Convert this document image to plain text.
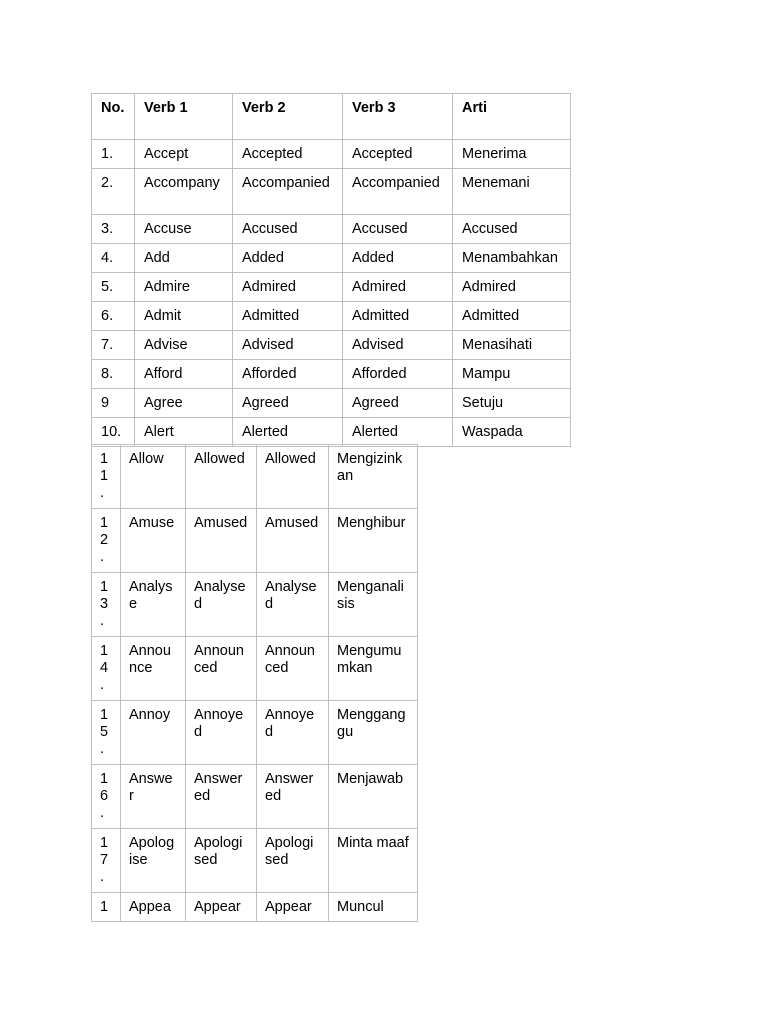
No.	Verb 1	Verb 2	Verb 3	Arti
1.	Accept	Accepted	Accepted	Menerima
2.	Accompany	Accompanied	Accompanied	Menemani
3.	Accuse	Accused	Accused	Accused
4.	Add	Added	Added	Menambahkan
5.	Admire	Admired	Admired	Admired
6.	Admit	Admitted	Admitted	Admitted
7.	Advise	Advised	Advised	Menasihati
8.	Afford	Afforded	Afforded	Mampu
9	Agree	Agreed	Agreed	Setuju
10.	Alert	Alerted	Alerted	Waspada
11.	Allow	Allowed	Allowed	Mengizinkan
12.	Amuse	Amused	Amused	Menghibur
13.	Analyse	Analysed	Analysed	Menganalisis
14.	Announce	Announced	Announced	Mengumumkan
15.	Annoy	Annoyed	Annoyed	Mengganggu
16.	Answer	Answered	Answered	Menjawab
17.	Apologise	Apologised	Apologised	Minta maaf
1	Appea	Appear	Appear	Muncul
